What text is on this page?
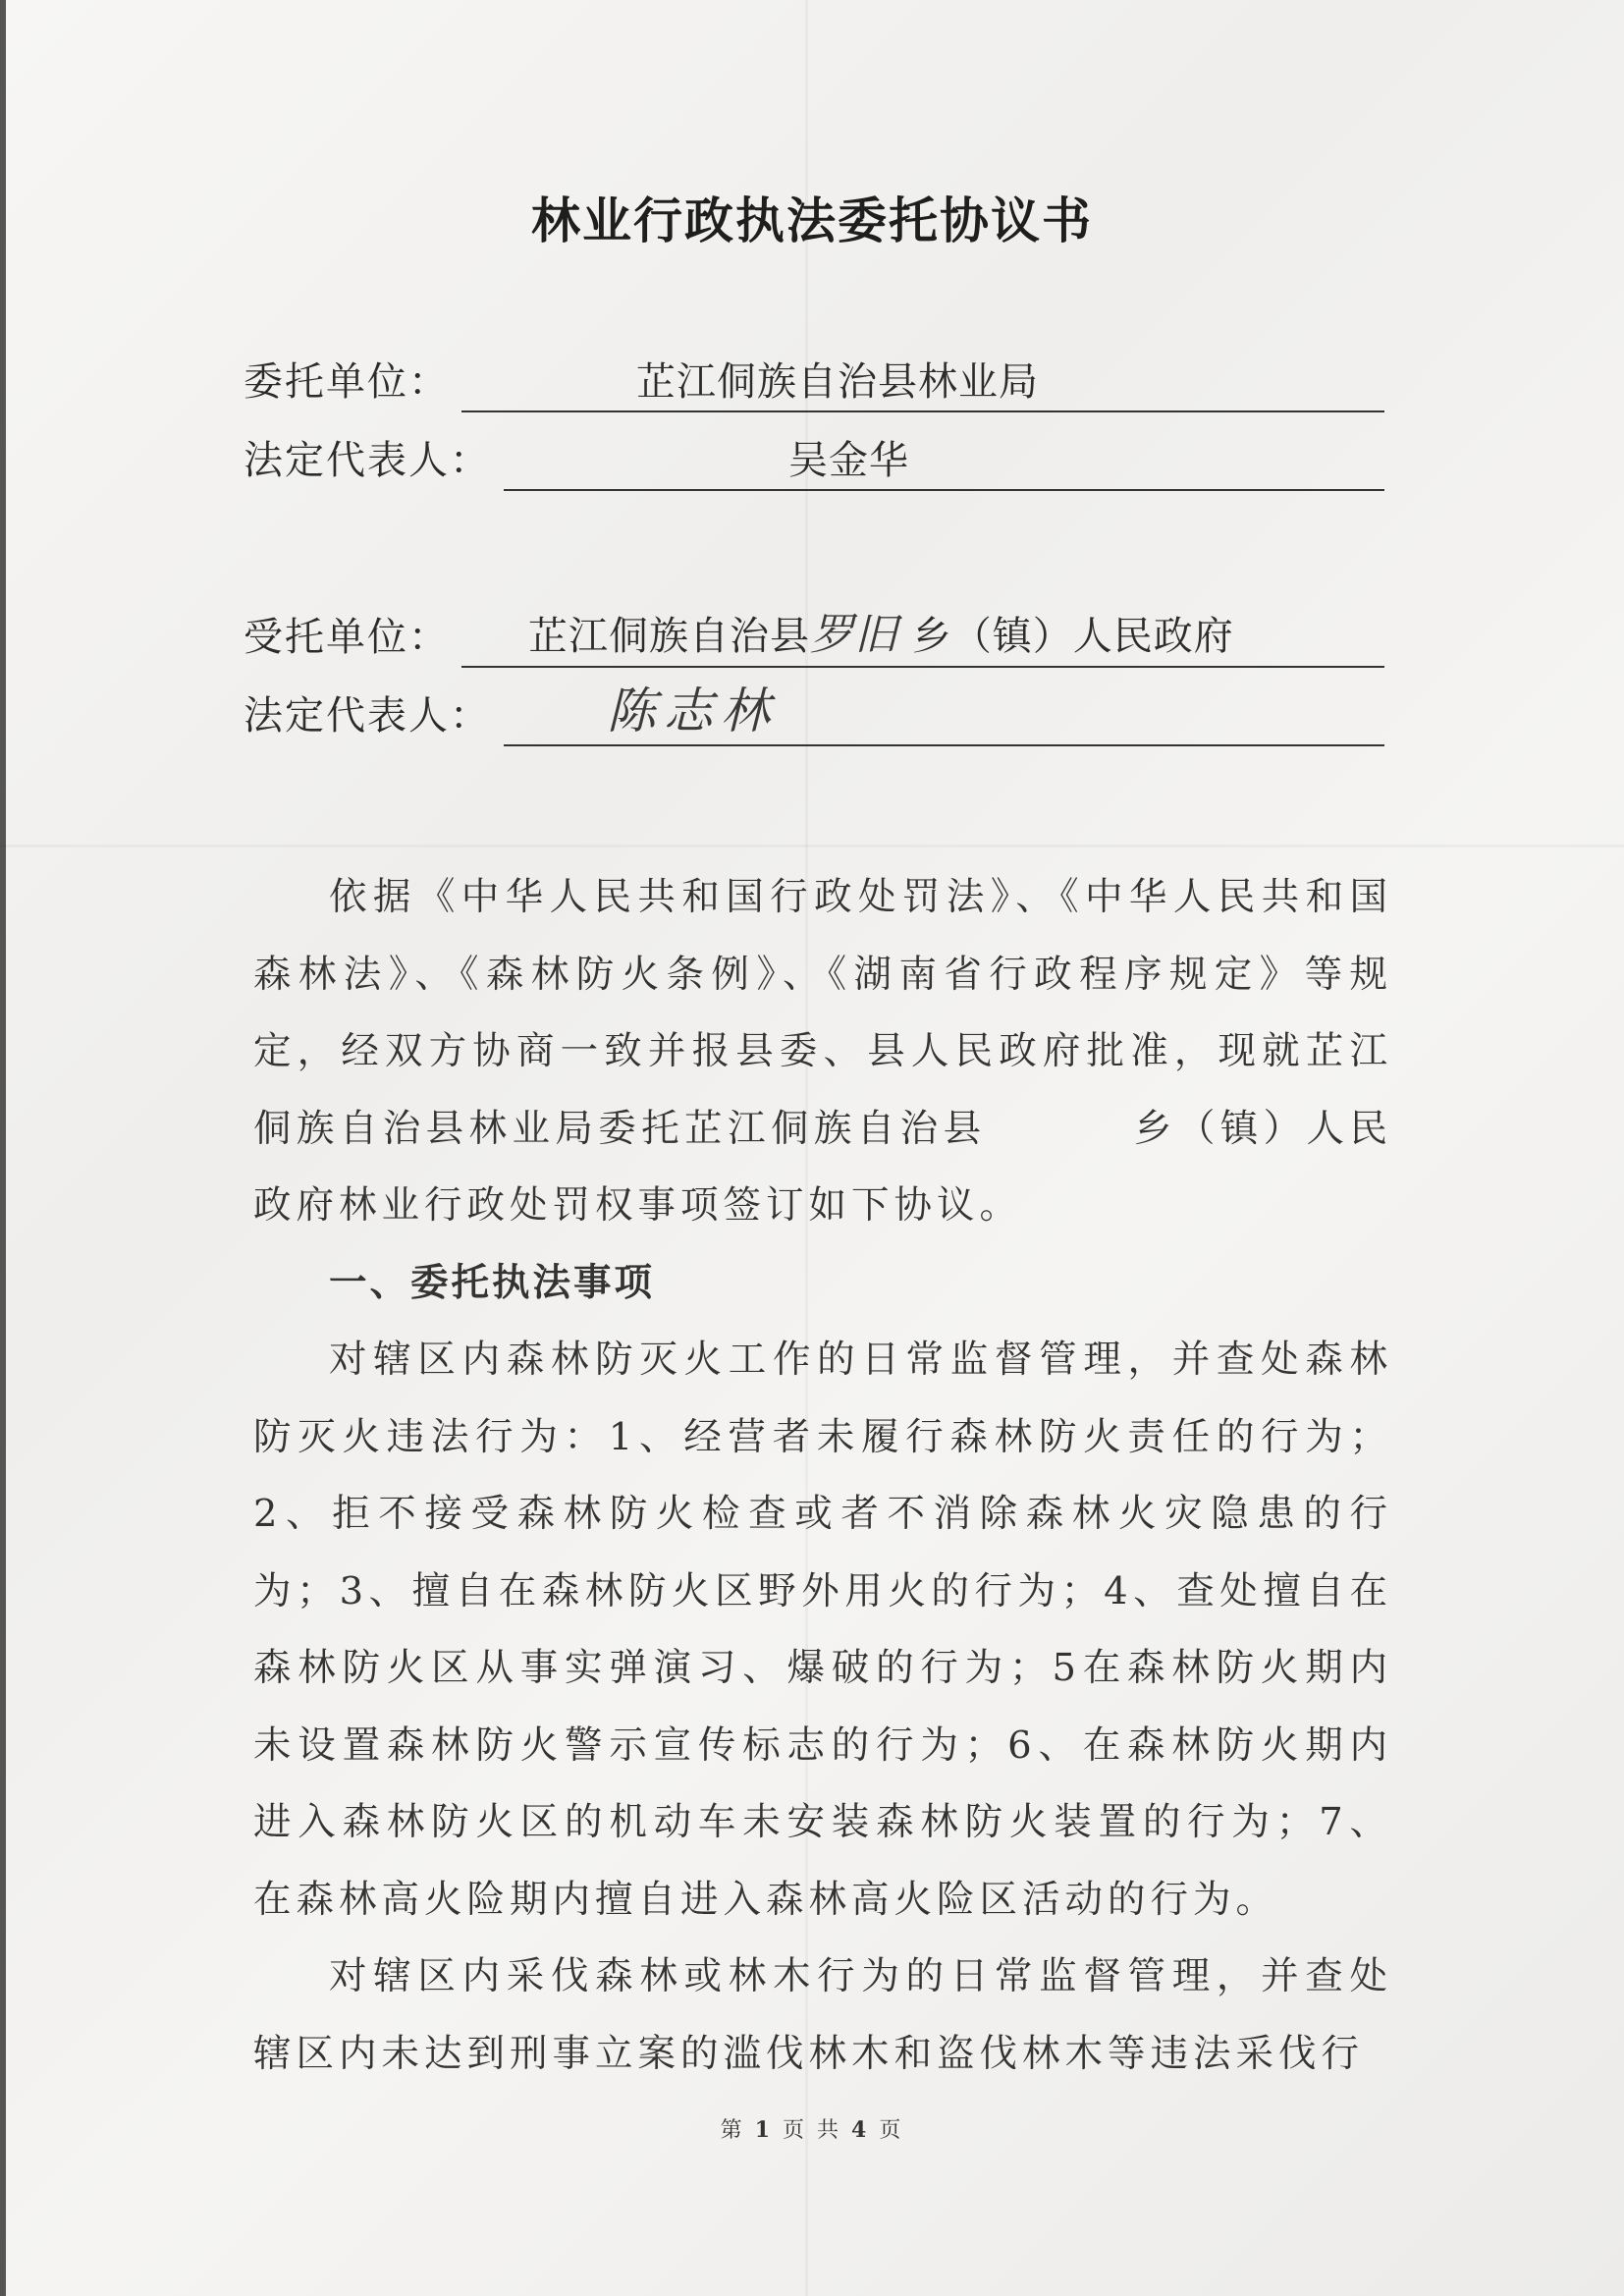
林业行政执法委托协议书
委托单位：	芷江侗族自治县林业局
法定代表人：	吴金华
受托单位： 芷江侗族自治县罗旧 乡（镇）人民政府
法定代表人： 陈志林

依据《中华人民共和国行政处罚法》、《中华人民共和国森林法》、《森林防火条例》、《湖南省行政程序规定》等规定，经双方协商一致并报县委、县人民政府批准，现就芷江侗族自治县林业局委托芷江侗族自治县	乡（镇）人民政府林业行政处罚权事项签订如下协议。

一、委托执法事项

对辖区内森林防灭火工作的日常监督管理，并查处森林防灭火违法行为：1、经营者未履行森林防火责任的行为；2、拒不接受森林防火检查或者不消除森林火灾隐患的行为；3、擅自在森林防火区野外用火的行为；4、查处擅自在森林防火区从事实弹演习、爆破的行为；5在森林防火期内未设置森林防火警示宣传标志的行为；6、在森林防火期内进入森林防火区的机动车未安装森林防火装置的行为；7、在森林高火险期内擅自进入森林高火险区活动的行为。

对辖区内采伐森林或林木行为的日常监督管理，并查处辖区内未达到刑事立案的滥伐林木和盗伐林木等违法采伐行

第 1 页 共 4 页
